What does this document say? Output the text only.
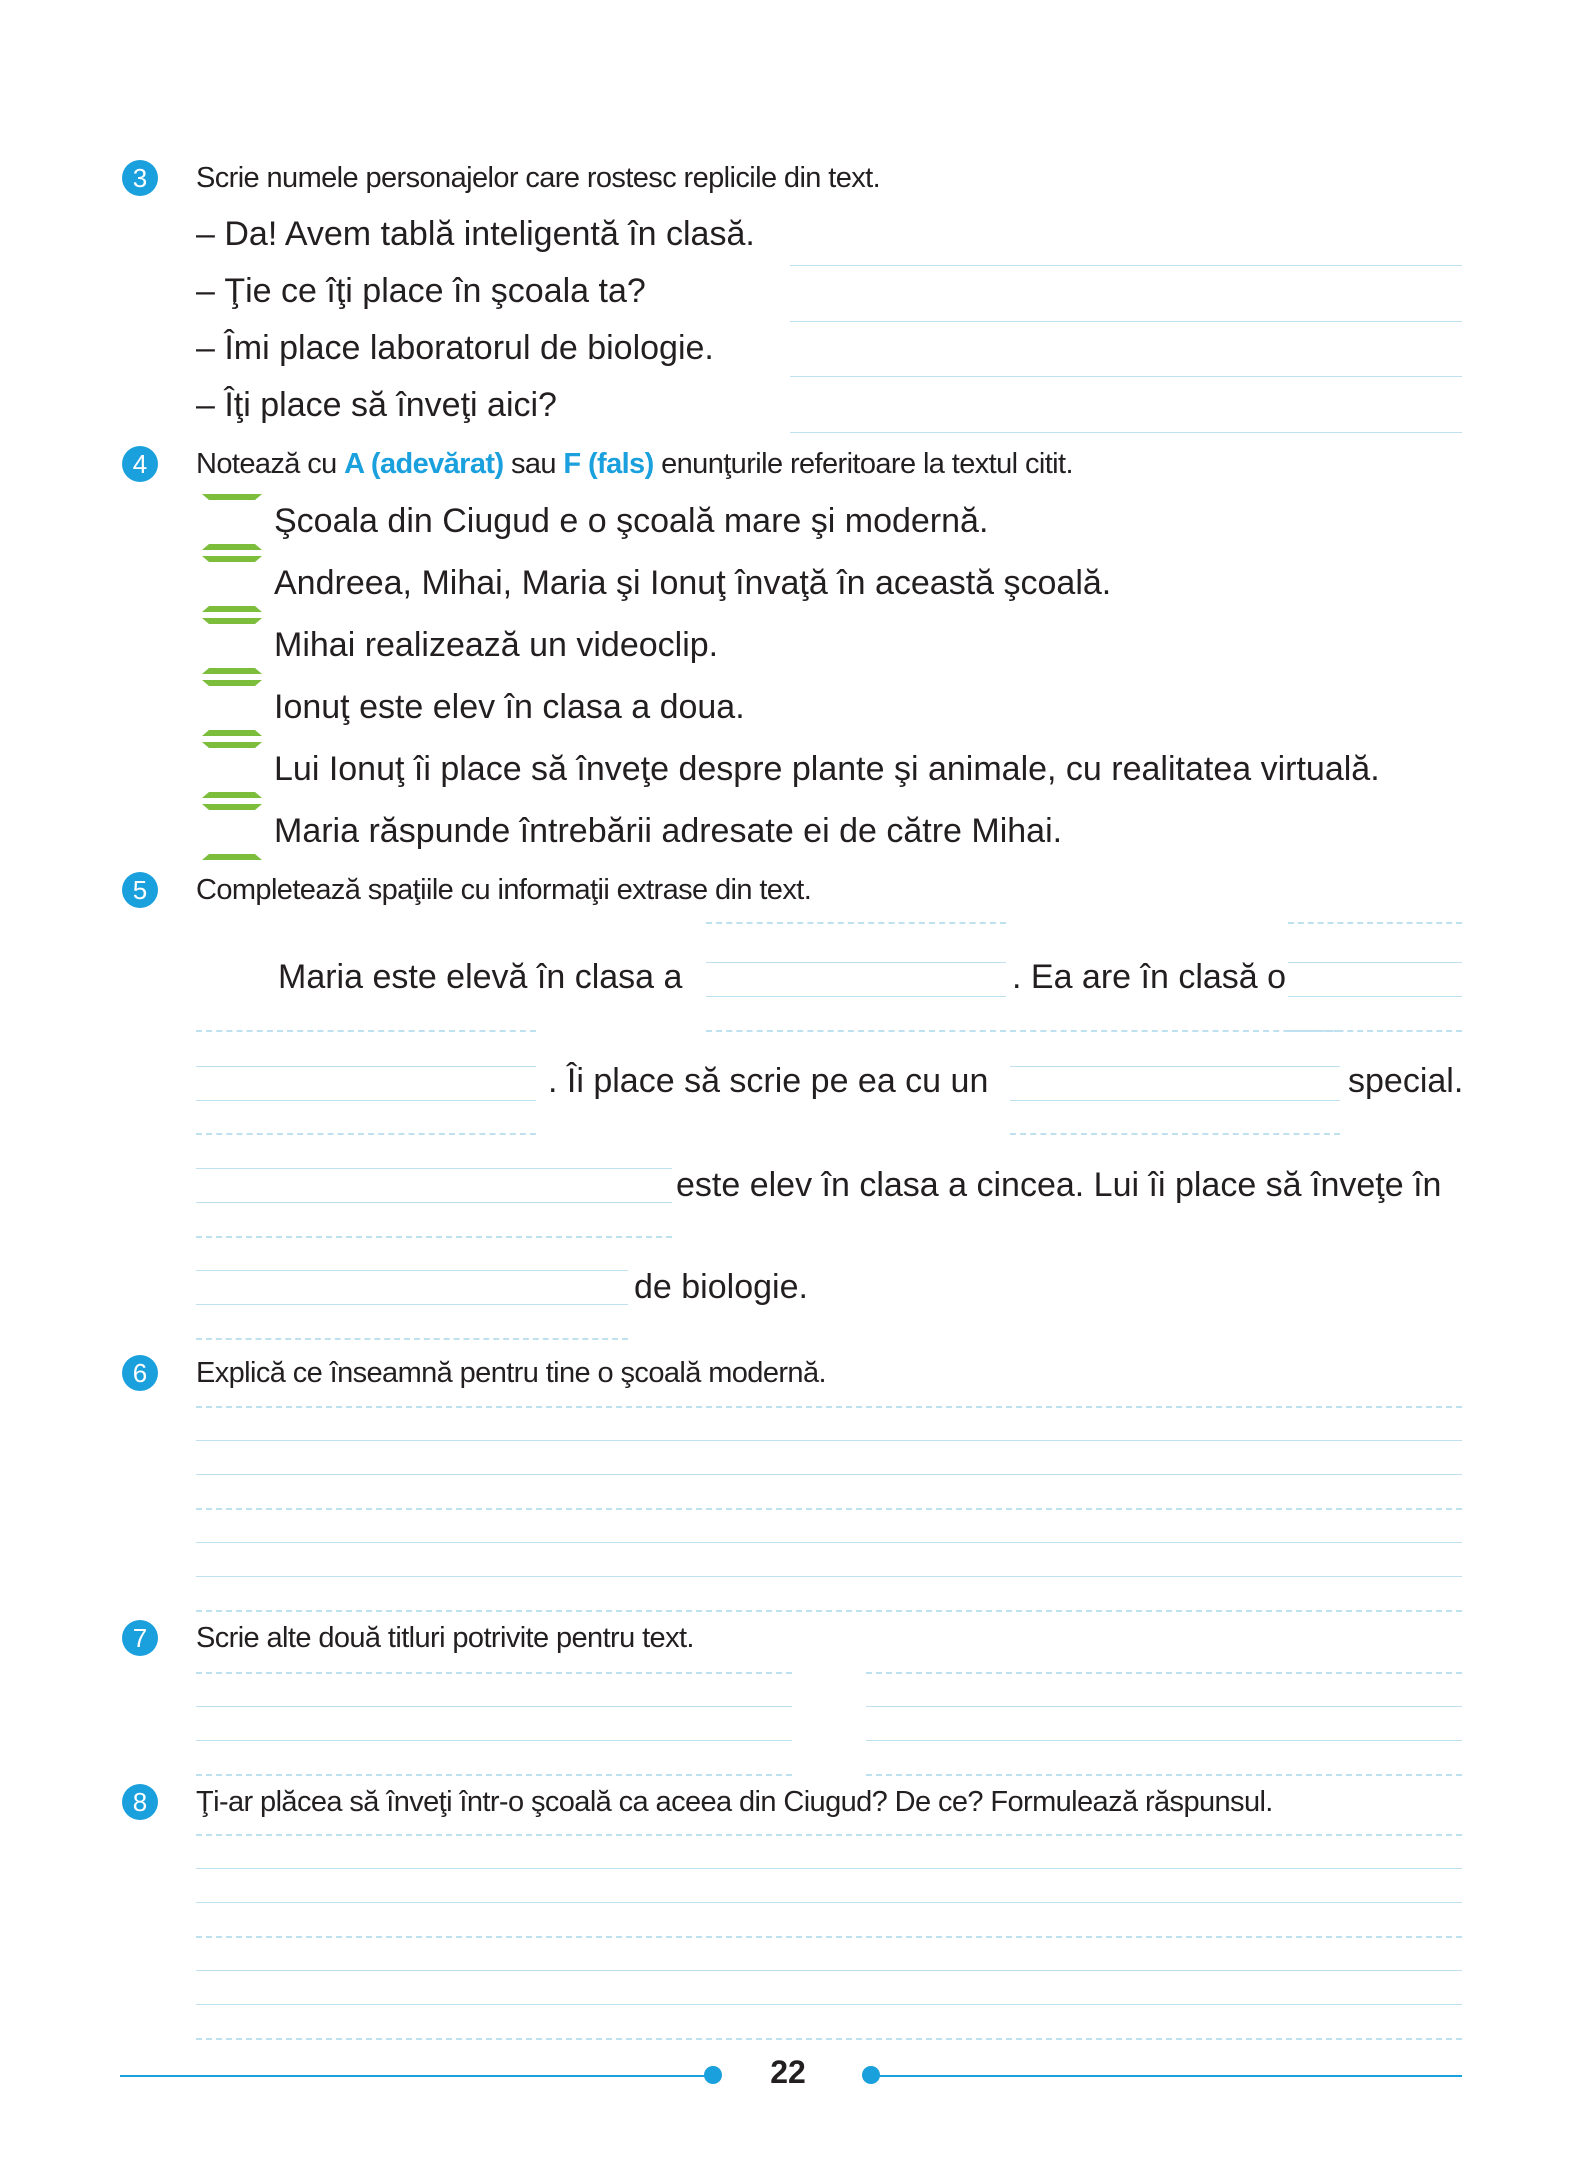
3	Scrie numele personajelor care rostesc replicile din text.
– Da! Avem tablă inteligentă în clasă.
– Ţie ce îţi place în şcoala ta?
– Îmi place laboratorul de biologie.
– Îţi place să înveţi aici?
4	Notează cu A (adevărat) sau F (fals) enunţurile referitoare la textul citit.
Şcoala din Ciugud e o şcoală mare şi modernă.
Andreea, Mihai, Maria şi Ionuţ învaţă în această şcoală.
Mihai realizează un videoclip.
Ionuţ este elev în clasa a doua.
Lui Ionuţ îi place să înveţe despre plante şi animale, cu realitatea virtuală.
Maria răspunde întrebării adresate ei de către Mihai.
5	Completează spaţiile cu informaţii extrase din text.
Maria este elevă în clasa a	. Ea are în clasă o
. Îi place să scrie pe ea cu un	special.
este elev în clasa a cincea. Lui îi place să înveţe în
de biologie.
6	Explică ce înseamnă pentru tine o şcoală modernă.
7	Scrie alte două titluri potrivite pentru text.
8	Ţi-ar plăcea să înveţi într-o şcoală ca aceea din Ciugud? De ce? Formulează răspunsul.
22
